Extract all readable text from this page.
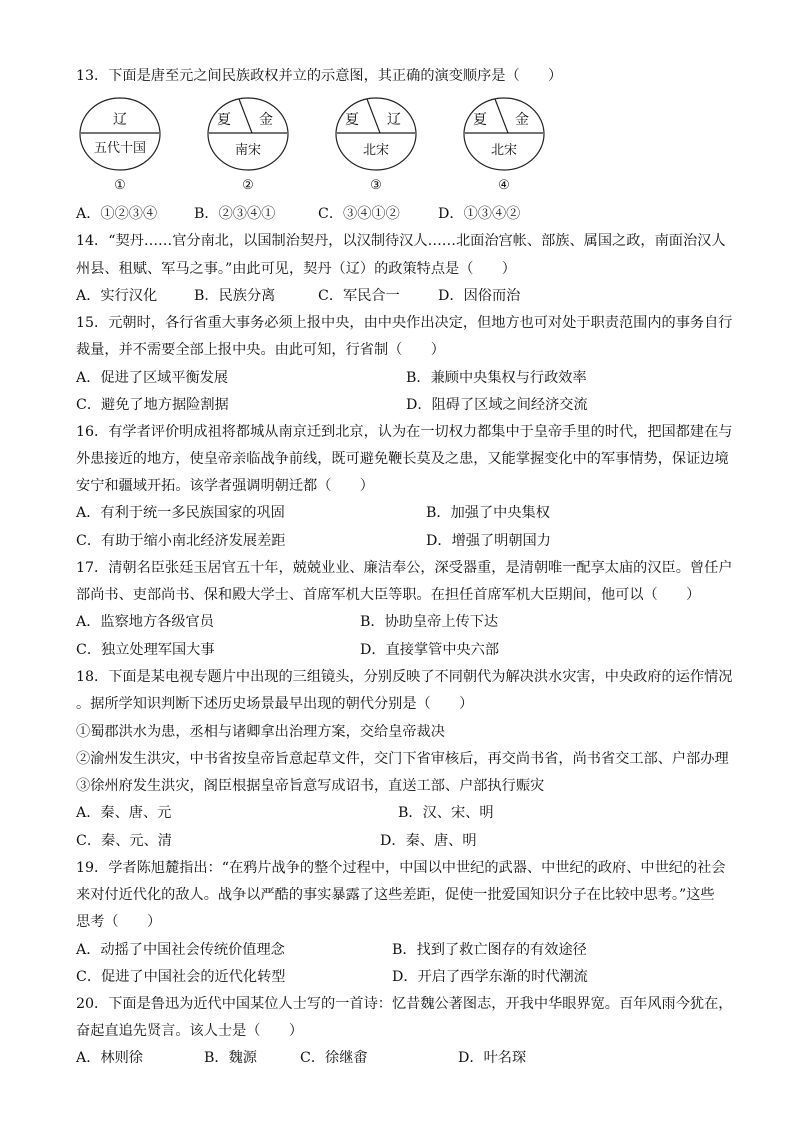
13．下面是唐至元之间民族政权并立的示意图，其正确的演变顺序是（　　）
辽
五代十国
①
夏 金
南宋
②
夏 辽
北宋
③
夏 金
北宋
④
A．①②③④	B．②③④①	C．③④①②	D．①③④②
14．“契丹……官分南北，以国制治契丹，以汉制待汉人……北面治宫帐、部族、属国之政，南面治汉人
州县、租赋、军马之事。”由此可见，契丹（辽）的政策特点是（　　）
A．实行汉化	B．民族分离	C．军民合一	D．因俗而治
15．元朝时，各行省重大事务必须上报中央，由中央作出决定，但地方也可对处于职责范围内的事务自行
裁量，并不需要全部上报中央。由此可知，行省制（　　）
A．促进了区域平衡发展	B．兼顾中央集权与行政效率
C．避免了地方据险割据	D．阻碍了区域之间经济交流
16．有学者评价明成祖将都城从南京迁到北京，认为在一切权力都集中于皇帝手里的时代，把国都建在与
外患接近的地方，使皇帝亲临战争前线，既可避免鞭长莫及之患，又能掌握变化中的军事情势，保证边境
安宁和疆域开拓。该学者强调明朝迁都（　　）
A．有利于统一多民族国家的巩固	B．加强了中央集权
C．有助于缩小南北经济发展差距	D．增强了明朝国力
17．清朝名臣张廷玉居官五十年，兢兢业业、廉洁奉公，深受器重，是清朝唯一配享太庙的汉臣。曾任户
部尚书、吏部尚书、保和殿大学士、首席军机大臣等职。在担任首席军机大臣期间，他可以（　　）
A．监察地方各级官员	B．协助皇帝上传下达
C．独立处理军国大事	D．直接掌管中央六部
18．下面是某电视专题片中出现的三组镜头，分别反映了不同朝代为解决洪水灾害，中央政府的运作情况
。据所学知识判断下述历史场景最早出现的朝代分别是（　　）
①蜀郡洪水为患，丞相与诸卿拿出治理方案，交给皇帝裁决
②渝州发生洪灾，中书省按皇帝旨意起草文件，交门下省审核后，再交尚书省，尚书省交工部、户部办理
③徐州府发生洪灾，阁臣根据皇帝旨意写成诏书，直送工部、户部执行赈灾
A．秦、唐、元	B．汉、宋、明
C．秦、元、清	D．秦、唐、明
19．学者陈旭麓指出：“在鸦片战争的整个过程中，中国以中世纪的武器、中世纪的政府、中世纪的社会
来对付近代化的敌人。战争以严酷的事实暴露了这些差距，促使一批爱国知识分子在比较中思考。”这些
思考（　　）
A．动摇了中国社会传统价值理念	B．找到了救亡图存的有效途径
C．促进了中国社会的近代化转型	D．开启了西学东渐的时代潮流
20．下面是鲁迅为近代中国某位人士写的一首诗：忆昔魏公著图志，开我中华眼界宽。百年风雨今犹在，
奋起直追先贤言。该人士是（　　）
A．林则徐	B．魏源	C．徐继畬	D．叶名琛
